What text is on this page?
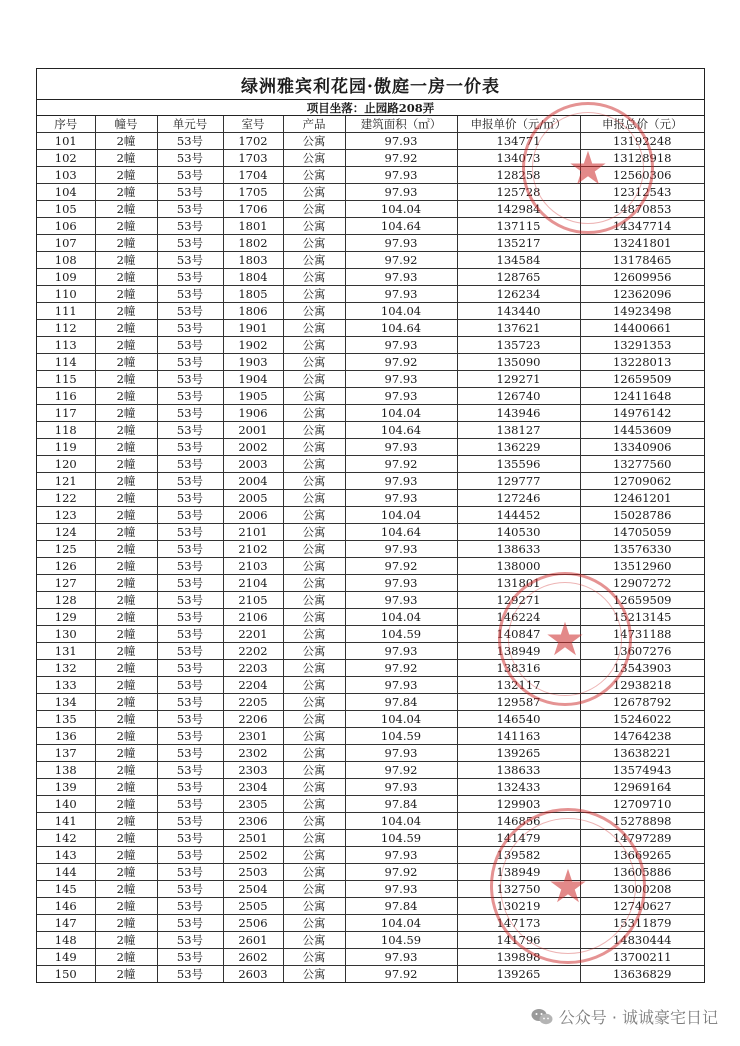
绿洲雅宾利花园·傲庭一房一价表
项目坐落：止园路208弄
序号	幢号	单元号	室号	产品	建筑面积（㎡）	申报单价（元/㎡）	申报总价（元）
101	2幢	53号	1702	公寓	97.93	134771	13192248
102	2幢	53号	1703	公寓	97.92	134073	13128918
103	2幢	53号	1704	公寓	97.93	128258	12560306
104	2幢	53号	1705	公寓	97.93	125728	12312543
105	2幢	53号	1706	公寓	104.04	142984	14870853
106	2幢	53号	1801	公寓	104.64	137115	14347714
107	2幢	53号	1802	公寓	97.93	135217	13241801
108	2幢	53号	1803	公寓	97.92	134584	13178465
109	2幢	53号	1804	公寓	97.93	128765	12609956
110	2幢	53号	1805	公寓	97.93	126234	12362096
111	2幢	53号	1806	公寓	104.04	143440	14923498
112	2幢	53号	1901	公寓	104.64	137621	14400661
113	2幢	53号	1902	公寓	97.93	135723	13291353
114	2幢	53号	1903	公寓	97.92	135090	13228013
115	2幢	53号	1904	公寓	97.93	129271	12659509
116	2幢	53号	1905	公寓	97.93	126740	12411648
117	2幢	53号	1906	公寓	104.04	143946	14976142
118	2幢	53号	2001	公寓	104.64	138127	14453609
119	2幢	53号	2002	公寓	97.93	136229	13340906
120	2幢	53号	2003	公寓	97.92	135596	13277560
121	2幢	53号	2004	公寓	97.93	129777	12709062
122	2幢	53号	2005	公寓	97.93	127246	12461201
123	2幢	53号	2006	公寓	104.04	144452	15028786
124	2幢	53号	2101	公寓	104.64	140530	14705059
125	2幢	53号	2102	公寓	97.93	138633	13576330
126	2幢	53号	2103	公寓	97.92	138000	13512960
127	2幢	53号	2104	公寓	97.93	131801	12907272
128	2幢	53号	2105	公寓	97.93	129271	12659509
129	2幢	53号	2106	公寓	104.04	146224	15213145
130	2幢	53号	2201	公寓	104.59	140847	14731188
131	2幢	53号	2202	公寓	97.93	138949	13607276
132	2幢	53号	2203	公寓	97.92	138316	13543903
133	2幢	53号	2204	公寓	97.93	132117	12938218
134	2幢	53号	2205	公寓	97.84	129587	12678792
135	2幢	53号	2206	公寓	104.04	146540	15246022
136	2幢	53号	2301	公寓	104.59	141163	14764238
137	2幢	53号	2302	公寓	97.93	139265	13638221
138	2幢	53号	2303	公寓	97.92	138633	13574943
139	2幢	53号	2304	公寓	97.93	132433	12969164
140	2幢	53号	2305	公寓	97.84	129903	12709710
141	2幢	53号	2306	公寓	104.04	146856	15278898
142	2幢	53号	2501	公寓	104.59	141479	14797289
143	2幢	53号	2502	公寓	97.93	139582	13669265
144	2幢	53号	2503	公寓	97.92	138949	13605886
145	2幢	53号	2504	公寓	97.93	132750	13000208
146	2幢	53号	2505	公寓	97.84	130219	12740627
147	2幢	53号	2506	公寓	104.04	147173	15311879
148	2幢	53号	2601	公寓	104.59	141796	14830444
149	2幢	53号	2602	公寓	97.93	139898	13700211
150	2幢	53号	2603	公寓	97.92	139265	13636829
★
★
★
公众号 · 诚诚豪宅日记
